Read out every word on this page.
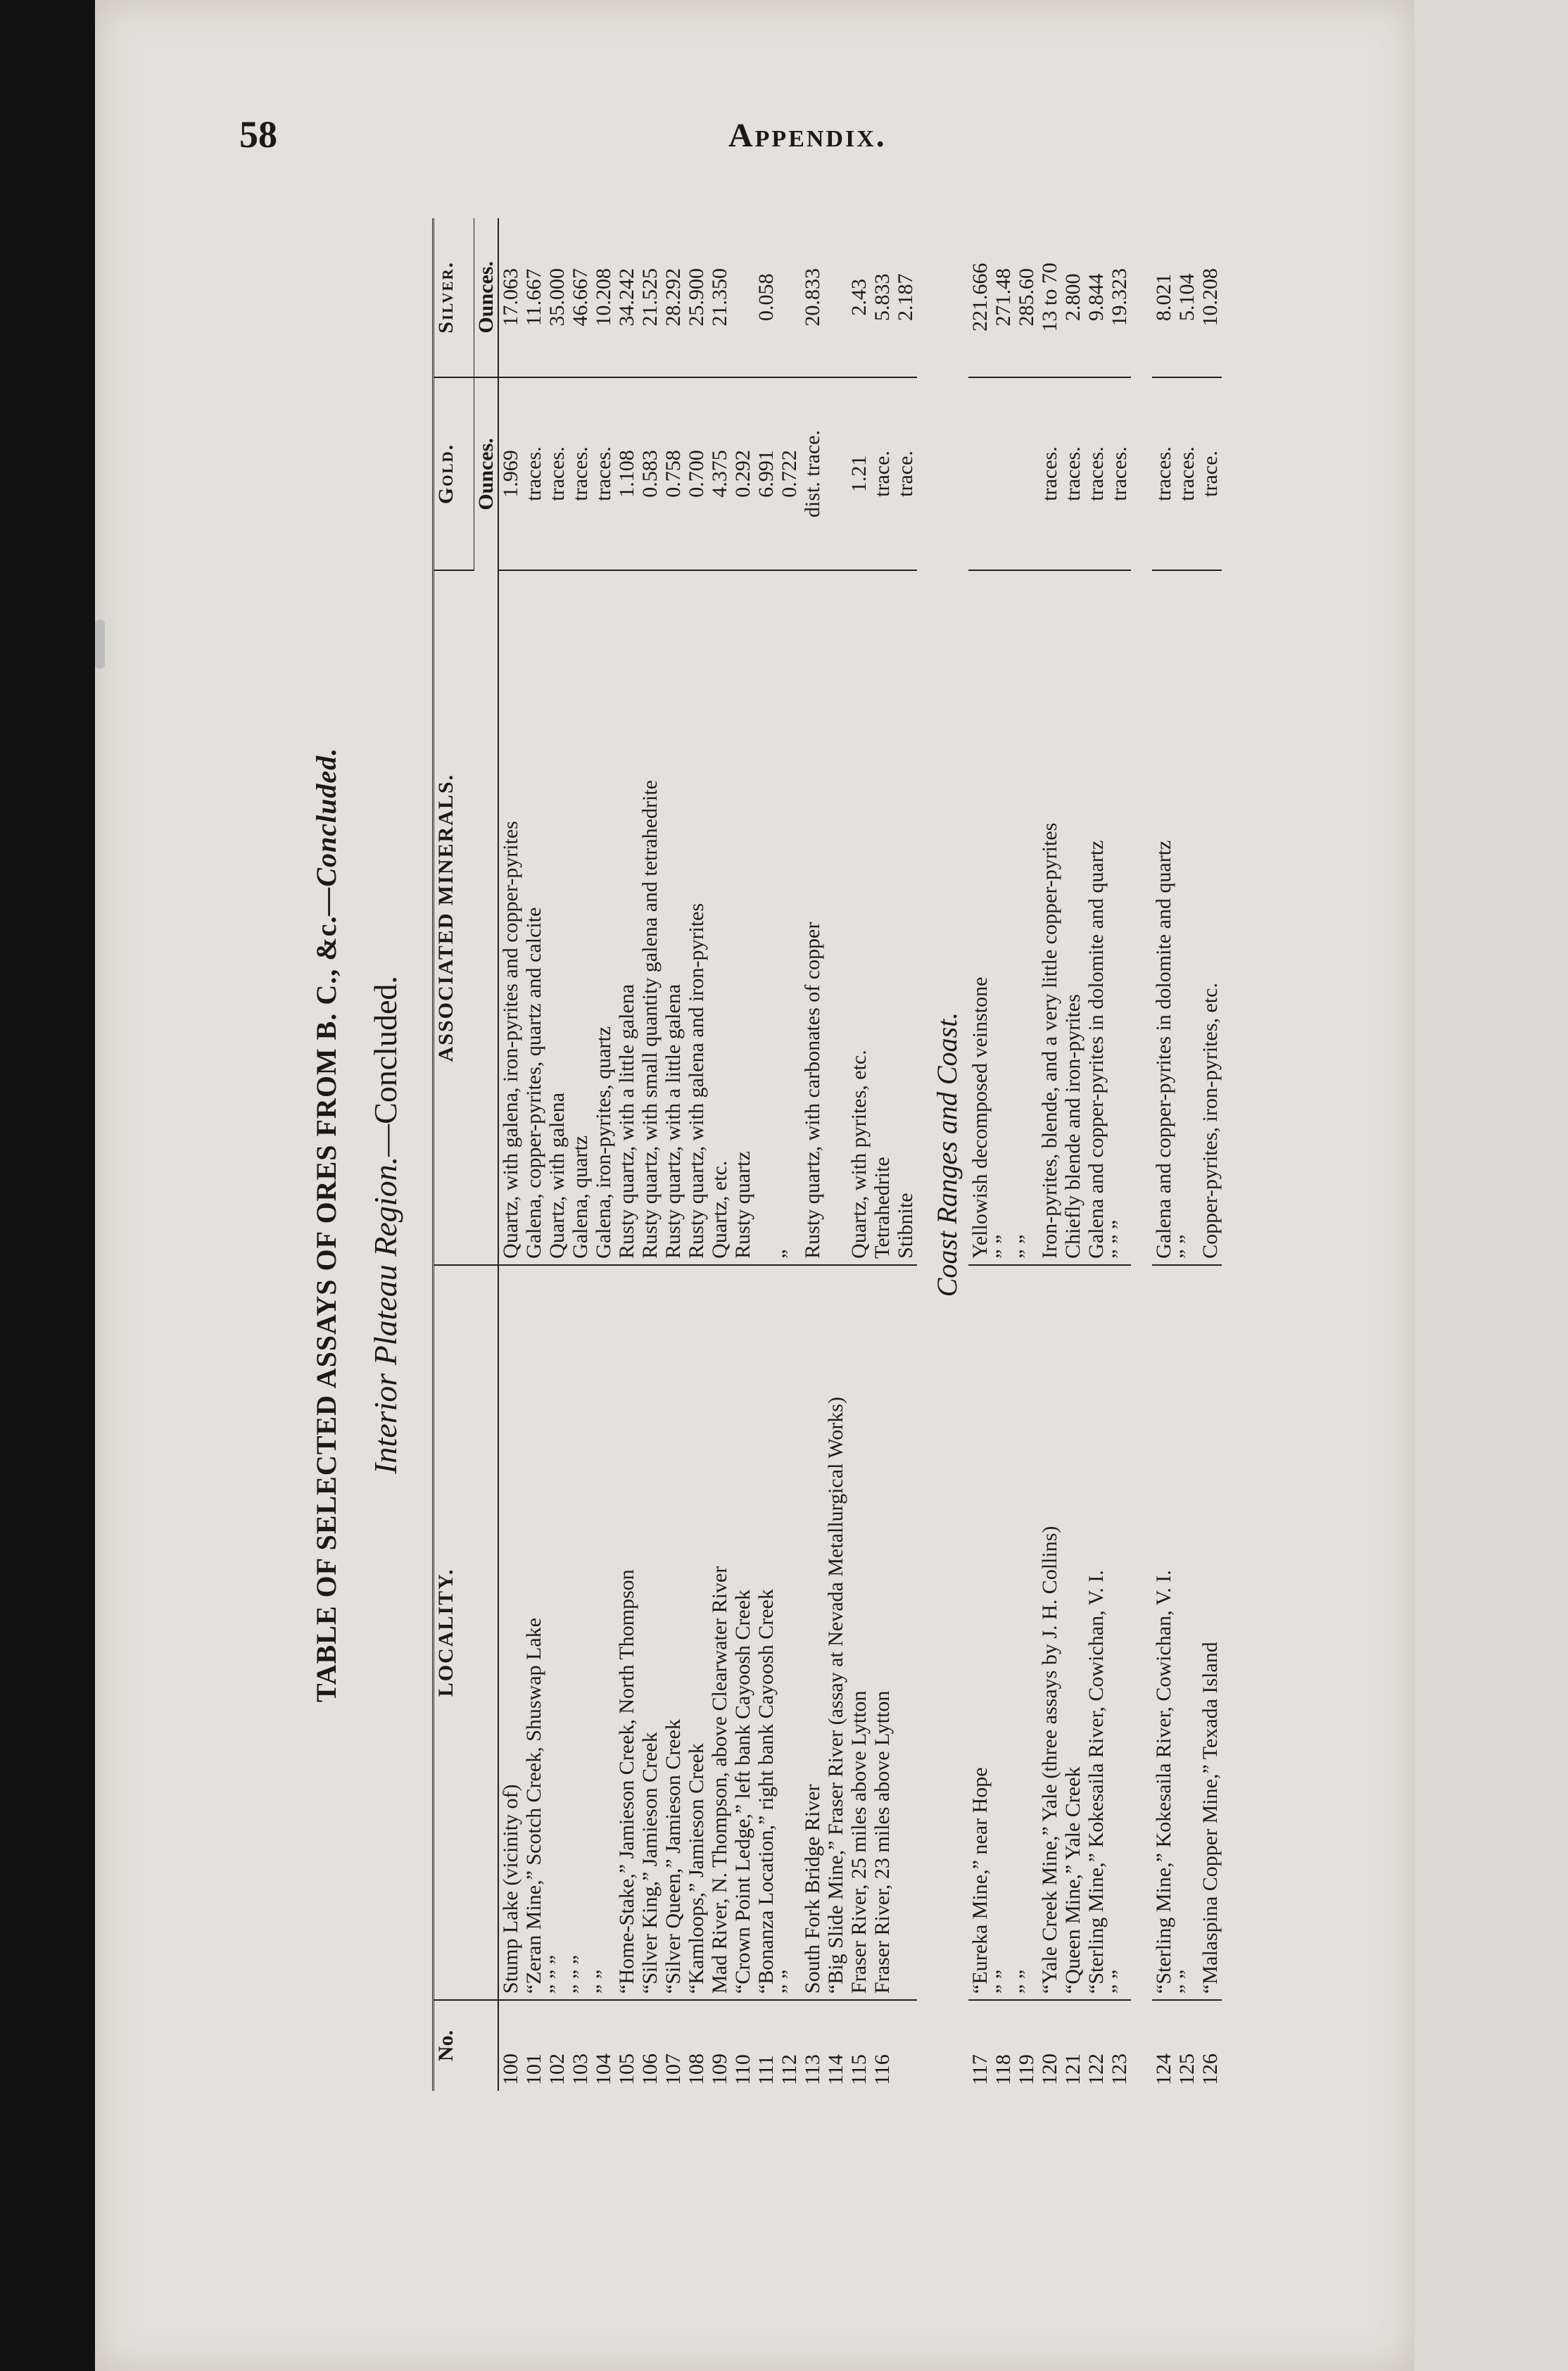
58	Appendix.
TABLE OF SELECTED ASSAYS OF ORES FROM B. C., &c.—Concluded.
Interior Plateau Region.—Concluded.
No.	LOCALITY.	ASSOCIATED MINERALS.	Gold.	Silver.
			Ounces.	Ounces.
100	Stump Lake (vicinity of)	Quartz, with galena, iron-pyrites and copper-pyrites	1.969	17.063
101	“Zeran Mine,” Scotch Creek, Shuswap Lake	Galena, copper-pyrites, quartz and calcite	traces.	11.667
102	” ” ”	Quartz, with galena	traces.	35.000
103	” ” ”	Galena, quartz	traces.	46.667
104	” ”	Galena, iron-pyrites, quartz	traces.	10.208
105	“Home-Stake,” Jamieson Creek, North Thompson	Rusty quartz, with a little galena	1.108	34.242
106	“Silver King,” Jamieson Creek	Rusty quartz, with small quantity galena and tetrahedrite	0.583	21.525
107	“Silver Queen,” Jamieson Creek	Rusty quartz, with a little galena	0.758	28.292
108	“Kamloops,” Jamieson Creek	Rusty quartz, with galena and iron-pyrites	0.700	25.900
109	Mad River, N. Thompson, above Clearwater River	Quartz, etc.	4.375	21.350
110	“Crown Point Ledge,” left bank Cayoosh Creek	Rusty quartz	0.292	
111	“Bonanza Location,” right bank Cayoosh Creek		6.991	0.058
112	” ”	”	0.722	
113	South Fork Bridge River	Rusty quartz, with carbonates of copper	dist. trace.	20.833
114	“Big Slide Mine,” Fraser River (assay at Nevada Metallurgical Works)			
115	Fraser River, 25 miles above Lytton	Quartz, with pyrites, etc.	1.21	2.43
116	Fraser River, 23 miles above Lytton	Tetrahedrite	trace.	5.833
		Stibnite	trace.	2.187
Coast Ranges and Coast.				
117	“Eureka Mine,” near Hope	Yellowish decomposed veinstone		221.666
118	” ”	” ”		271.48
119	” ”	” ”		285.60
120	“Yale Creek Mine,” Yale (three assays by J. H. Collins)	Iron-pyrites, blende, and a very little copper-pyrites	traces.	13 to 70
121	“Queen Mine,” Yale Creek	Chiefly blende and iron-pyrites	traces.	2.800
122	“Sterling Mine,” Kokesaila River, Cowichan, V. I.	Galena and copper-pyrites in dolomite and quartz	traces.	9.844
123	” ”	” ” ”	traces.	19.323

124	“Sterling Mine,” Kokesaila River, Cowichan, V. I.	Galena and copper-pyrites in dolomite and quartz	traces.	8.021
125	” ”	” ”	traces.	5.104
126	“Malaspina Copper Mine,” Texada Island	Copper-pyrites, iron-pyrites, etc.	trace.	10.208
